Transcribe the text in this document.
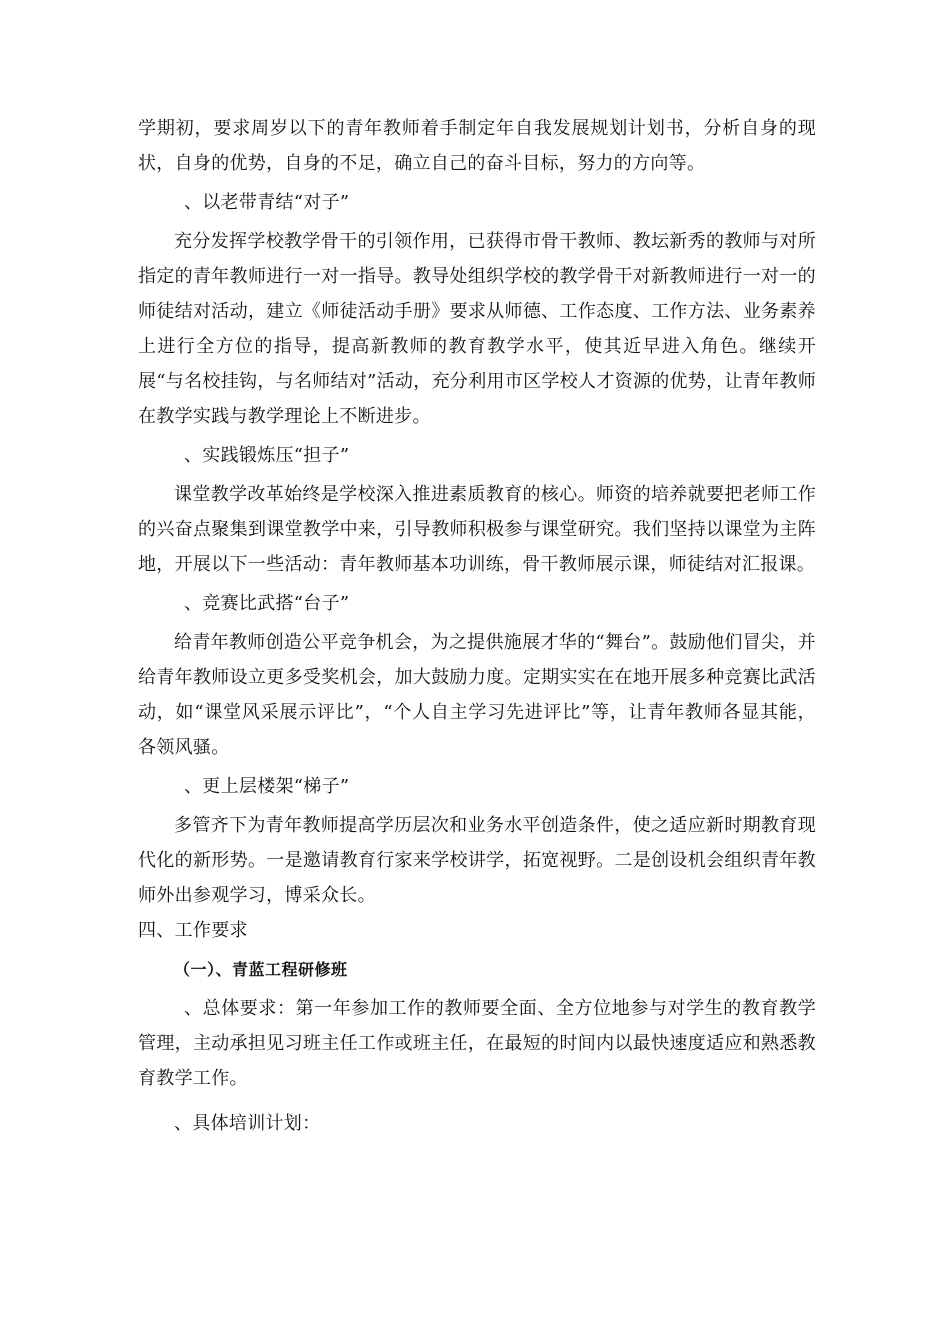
学期初，要求周岁以下的青年教师着手制定年自我发展规划计划书，分析自身的现状，自身的优势，自身的不足，确立自己的奋斗目标，努力的方向等。

、以老带青结“对子”

充分发挥学校教学骨干的引领作用，已获得市骨干教师、教坛新秀的教师与对所指定的青年教师进行一对一指导。教导处组织学校的教学骨干对新教师进行一对一的师徒结对活动，建立《师徒活动手册》要求从师德、工作态度、工作方法、业务素养上进行全方位的指导，提高新教师的教育教学水平，使其近早进入角色。继续开展“与名校挂钩，与名师结对”活动，充分利用市区学校人才资源的优势，让青年教师在教学实践与教学理论上不断进步。

、实践锻炼压“担子”

课堂教学改革始终是学校深入推进素质教育的核心。师资的培养就要把老师工作的兴奋点聚集到课堂教学中来，引导教师积极参与课堂研究。我们坚持以课堂为主阵地，开展以下一些活动：青年教师基本功训练，骨干教师展示课，师徒结对汇报课。

、竞赛比武搭“台子”

给青年教师创造公平竞争机会，为之提供施展才华的“舞台”。鼓励他们冒尖，并给青年教师设立更多受奖机会，加大鼓励力度。定期实实在在地开展多种竞赛比武活动，如“课堂风采展示评比”，“个人自主学习先进评比”等，让青年教师各显其能，各领风骚。

、更上层楼架“梯子”

多管齐下为青年教师提高学历层次和业务水平创造条件，使之适应新时期教育现代化的新形势。一是邀请教育行家来学校讲学，拓宽视野。二是创设机会组织青年教师外出参观学习，博采众长。

四、工作要求

（一）、青蓝工程研修班

、总体要求：第一年参加工作的教师要全面、全方位地参与对学生的教育教学管理，主动承担见习班主任工作或班主任，在最短的时间内以最快速度适应和熟悉教育教学工作。

、具体培训计划：
